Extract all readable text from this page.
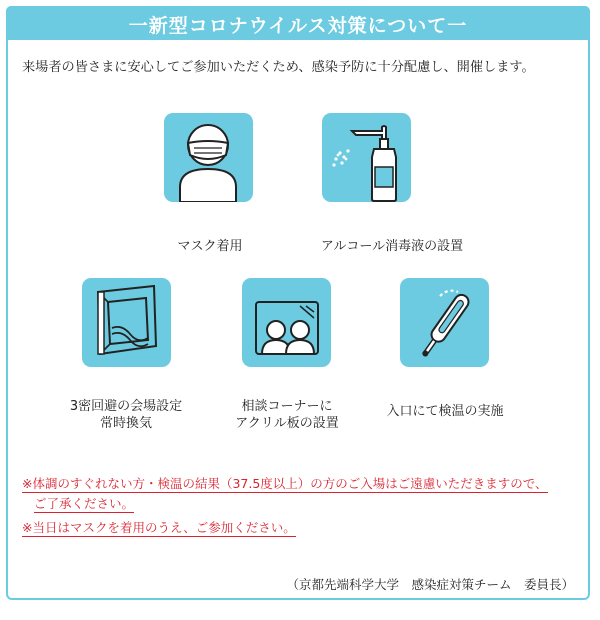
一新型コロナウイルス対策について一
来場者の皆さまに安心してご参加いただくため、感染予防に十分配慮し、開催します。
マスク着用	アルコール消毒液の設置
3密回避の会場設定
常時換気
相談コーナーに
アクリル板の設置
入口にて検温の実施
※体調のすぐれない方・検温の結果（37.5度以上）の方のご入場はご遠慮いただきますので、
ご了承ください。
※当日はマスクを着用のうえ、ご参加ください。
（京都先端科学大学　感染症対策チーム　委員長）
